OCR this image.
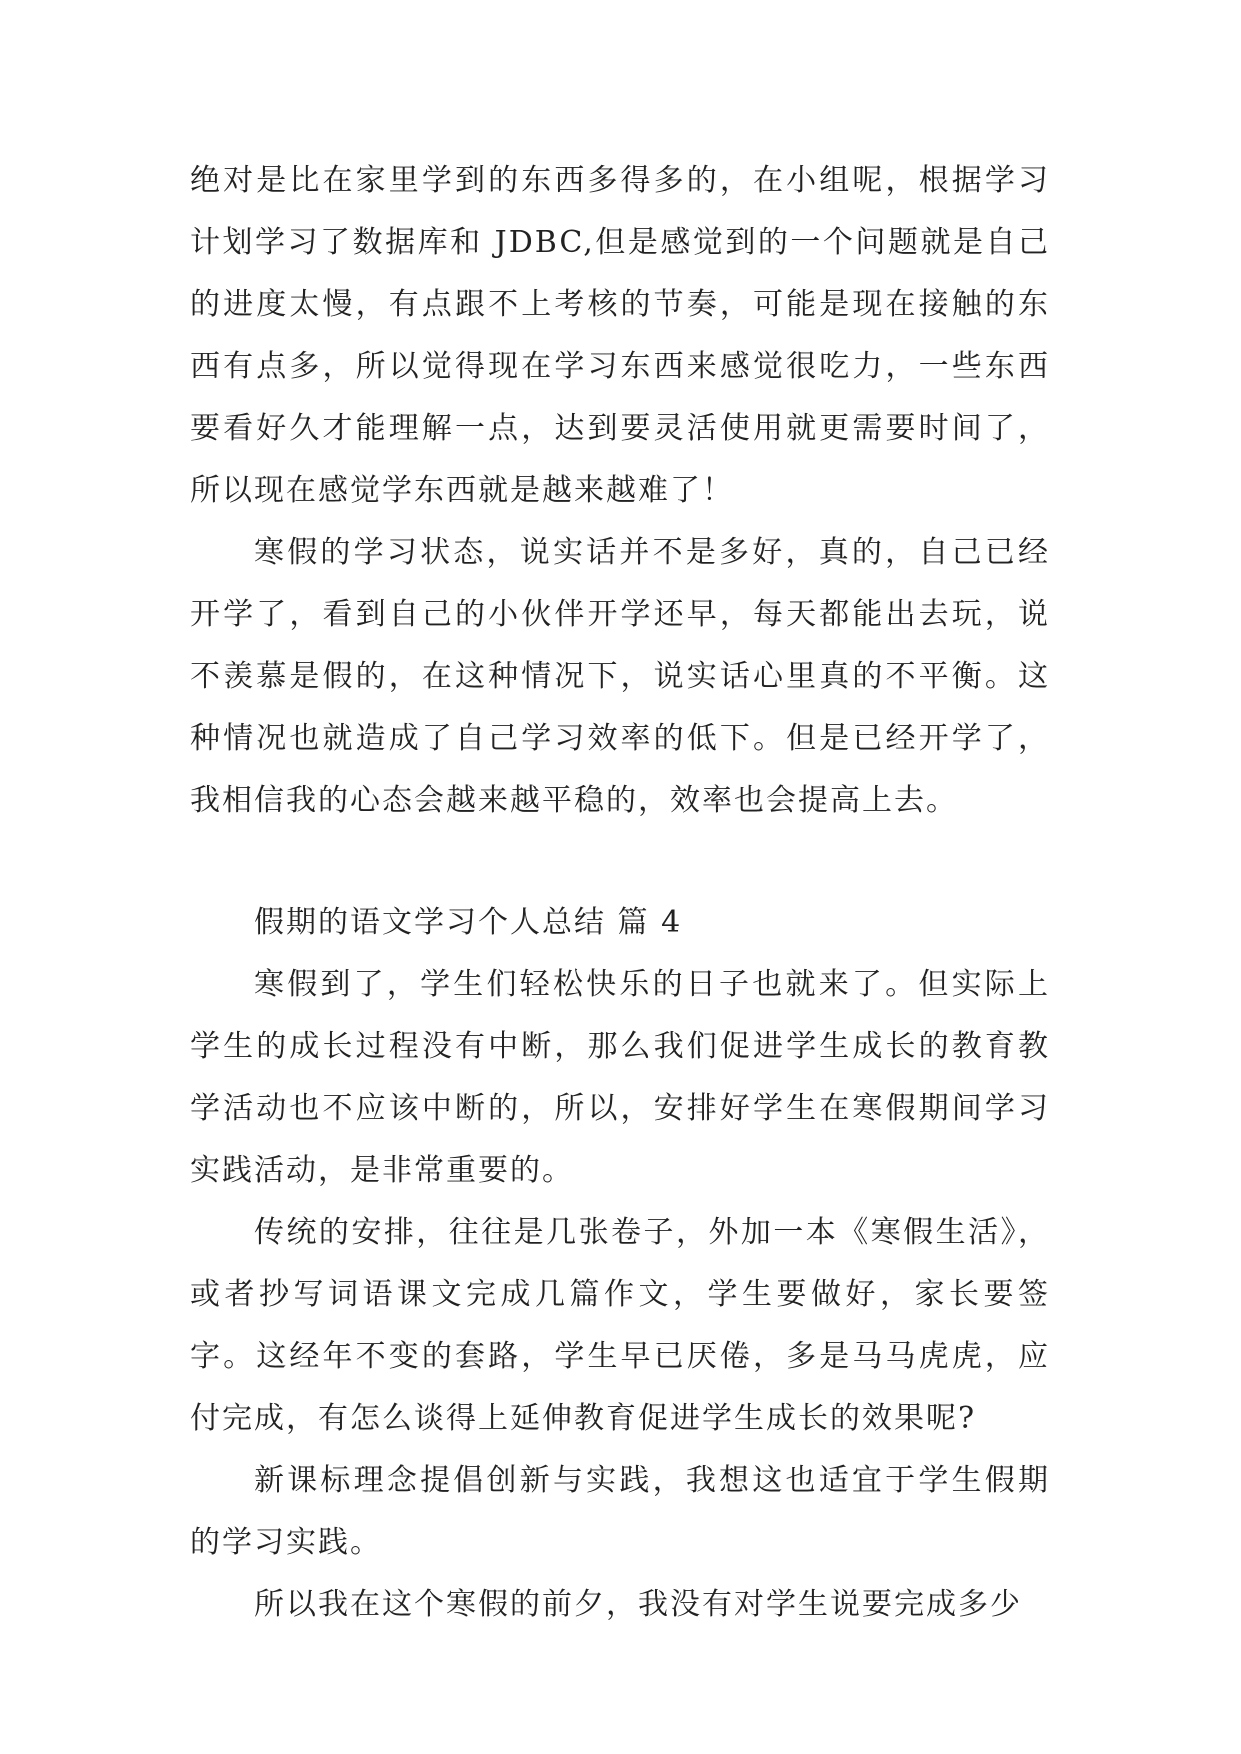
绝对是比在家里学到的东西多得多的，在小组呢，根据学习计划学习了数据库和 JDBC,但是感觉到的一个问题就是自己的进度太慢，有点跟不上考核的节奏，可能是现在接触的东西有点多，所以觉得现在学习东西来感觉很吃力，一些东西要看好久才能理解一点，达到要灵活使用就更需要时间了，所以现在感觉学东西就是越来越难了！

寒假的学习状态，说实话并不是多好，真的，自己已经开学了，看到自己的小伙伴开学还早，每天都能出去玩，说不羡慕是假的，在这种情况下，说实话心里真的不平衡。这种情况也就造成了自己学习效率的低下。但是已经开学了，我相信我的心态会越来越平稳的，效率也会提高上去。

假期的语文学习个人总结 篇 4

寒假到了，学生们轻松快乐的日子也就来了。但实际上学生的成长过程没有中断，那么我们促进学生成长的教育教学活动也不应该中断的，所以，安排好学生在寒假期间学习实践活动，是非常重要的。

传统的安排，往往是几张卷子，外加一本《寒假生活》，或者抄写词语课文完成几篇作文，学生要做好，家长要签字。这经年不变的套路，学生早已厌倦，多是马马虎虎，应付完成，有怎么谈得上延伸教育促进学生成长的效果呢?

新课标理念提倡创新与实践，我想这也适宜于学生假期的学习实践。

所以我在这个寒假的前夕，我没有对学生说要完成多少
